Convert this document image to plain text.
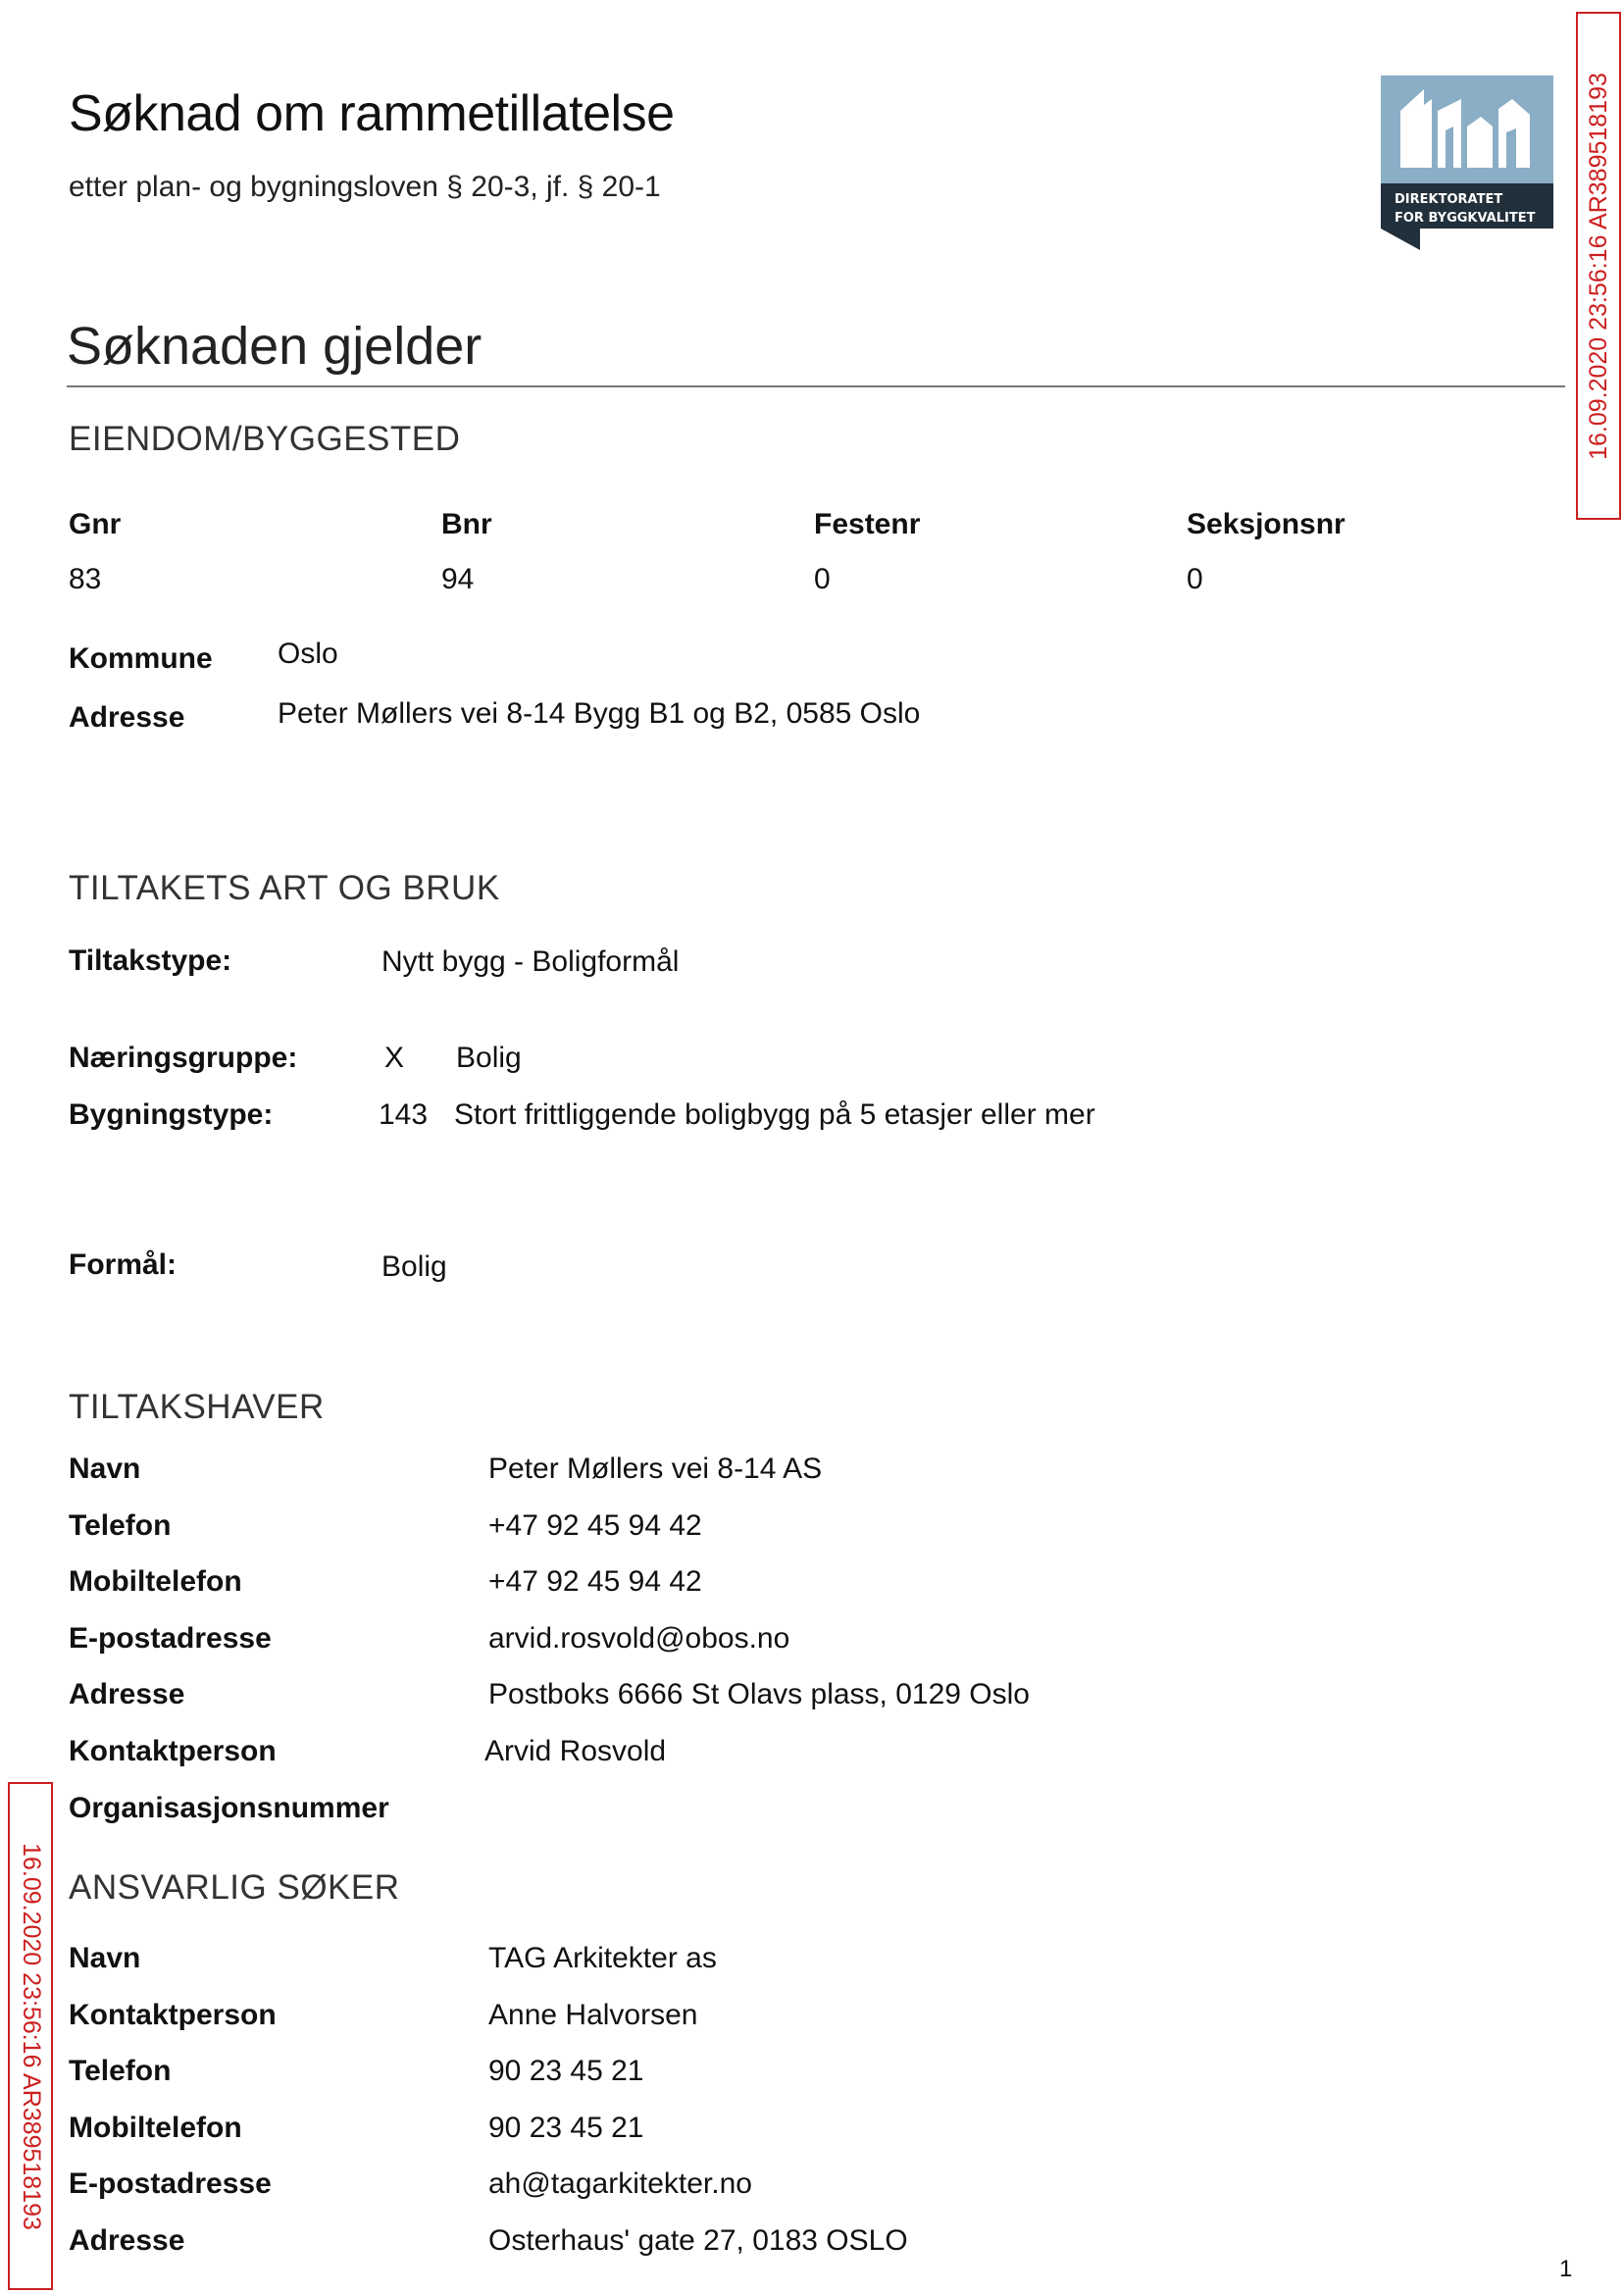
Søknad om rammetillatelse
etter plan- og bygningsloven § 20-3, jf. § 20-1	DIREKTORATET
FOR BYGGKVALITET 16.09.2020 23:56:16 AR389518193
16.09.2020 23:56:16 AR389518193
Søknaden gjelder
EIENDOM/BYGGESTED
Gnr	Bnr	Festenr	Seksjonsnr
83	94	0	0
Kommune Oslo
Adresse	Peter Møllers vei 8-14 Bygg B1 og B2, 0585 Oslo
TILTAKETS ART OG BRUK
Tiltakstype:	Nytt bygg - Boligformål
Næringsgruppe:	X Bolig
Bygningstype:	143 Stort frittliggende boligbygg på 5 etasjer eller mer
Formål:	Bolig
TILTAKSHAVER
Navn	Peter Møllers vei 8-14 AS
Telefon	+47 92 45 94 42
Mobiltelefon	+47 92 45 94 42
E-postadresse	arvid.rosvold@obos.no
Adresse	Postboks 6666 St Olavs plass, 0129 Oslo
Kontaktperson	Arvid Rosvold
Organisasjonsnummer
ANSVARLIG SØKER
Navn	TAG Arkitekter as
Kontaktperson	Anne Halvorsen
Telefon	90 23 45 21
Mobiltelefon	90 23 45 21
E-postadresse	ah@tagarkitekter.no
Adresse	Osterhaus' gate 27, 0183 OSLO
1
